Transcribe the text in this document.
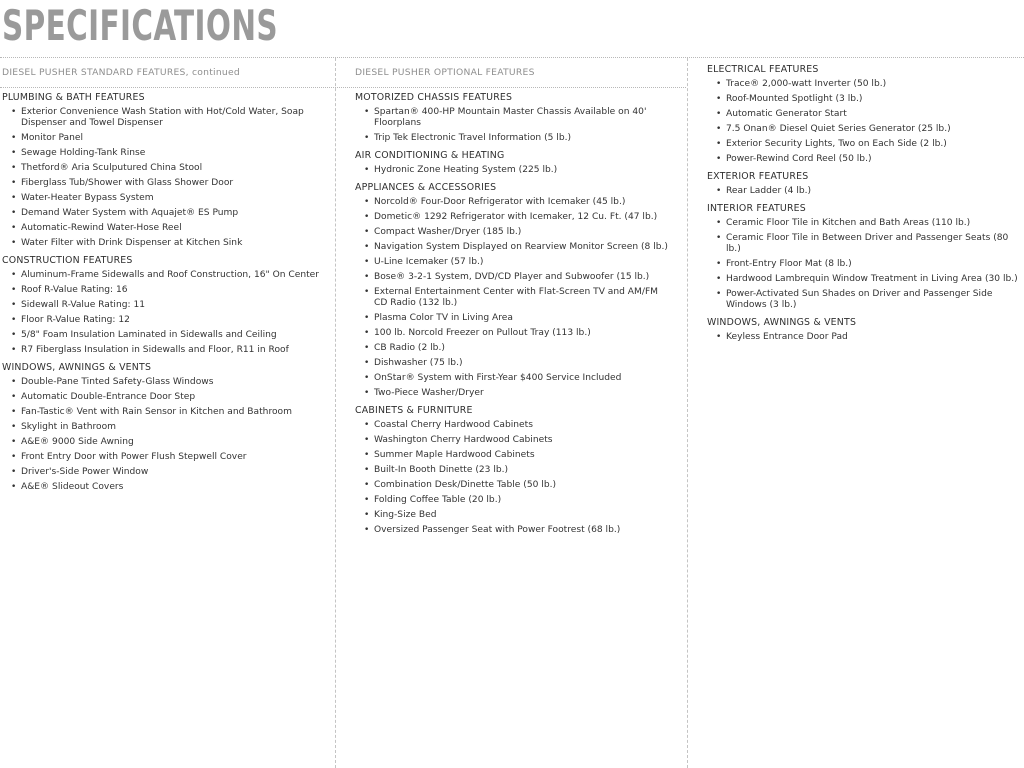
SPECIFICATIONS
DIESEL PUSHER STANDARD FEATURES, continued
PLUMBING & BATH FEATURES
• Exterior Convenience Wash Station with Hot/Cold Water, Soap Dispenser and Towel Dispenser
• Monitor Panel
• Sewage Holding-Tank Rinse
• Thetford® Aria Sculputured China Stool
• Fiberglass Tub/Shower with Glass Shower Door
• Water-Heater Bypass System
• Demand Water System with Aquajet® ES Pump
• Automatic-Rewind Water-Hose Reel
• Water Filter with Drink Dispenser at Kitchen Sink
CONSTRUCTION FEATURES
• Aluminum-Frame Sidewalls and Roof Construction, 16" On Center
• Roof R-Value Rating: 16
• Sidewall R-Value Rating: 11
• Floor R-Value Rating: 12
• 5/8" Foam Insulation Laminated in Sidewalls and Ceiling
• R7 Fiberglass Insulation in Sidewalls and Floor, R11 in Roof
WINDOWS, AWNINGS & VENTS
• Double-Pane Tinted Safety-Glass Windows
• Automatic Double-Entrance Door Step
• Fan-Tastic® Vent with Rain Sensor in Kitchen and Bathroom
• Skylight in Bathroom
• A&E® 9000 Side Awning
• Front Entry Door with Power Flush Stepwell Cover
• Driver's-Side Power Window
• A&E® Slideout Covers
DIESEL PUSHER OPTIONAL FEATURES
MOTORIZED CHASSIS FEATURES
• Spartan® 400-HP Mountain Master Chassis Available on 40' Floorplans
• Trip Tek Electronic Travel Information (5 lb.)
AIR CONDITIONING & HEATING
• Hydronic Zone Heating System (225 lb.)
APPLIANCES & ACCESSORIES
• Norcold® Four-Door Refrigerator with Icemaker (45 lb.)
• Dometic® 1292 Refrigerator with Icemaker, 12 Cu. Ft. (47 lb.)
• Compact Washer/Dryer (185 lb.)
• Navigation System Displayed on Rearview Monitor Screen (8 lb.)
• U-Line Icemaker (57 lb.)
• Bose® 3-2-1 System, DVD/CD Player and Subwoofer (15 lb.)
• External Entertainment Center with Flat-Screen TV and AM/FM CD Radio (132 lb.)
• Plasma Color TV in Living Area
• 100 lb. Norcold Freezer on Pullout Tray (113 lb.)
• CB Radio (2 lb.)
• Dishwasher (75 lb.)
• OnStar® System with First-Year $400 Service Included
• Two-Piece Washer/Dryer
CABINETS & FURNITURE
• Coastal Cherry Hardwood Cabinets
• Washington Cherry Hardwood Cabinets
• Summer Maple Hardwood Cabinets
• Built-In Booth Dinette (23 lb.)
• Combination Desk/Dinette Table (50 lb.)
• Folding Coffee Table (20 lb.)
• King-Size Bed
• Oversized Passenger Seat with Power Footrest (68 lb.)
ELECTRICAL FEATURES
• Trace® 2,000-watt Inverter (50 lb.)
• Roof-Mounted Spotlight (3 lb.)
• Automatic Generator Start
• 7.5 Onan® Diesel Quiet Series Generator (25 lb.)
• Exterior Security Lights, Two on Each Side (2 lb.)
• Power-Rewind Cord Reel (50 lb.)
EXTERIOR FEATURES
• Rear Ladder (4 lb.)
INTERIOR FEATURES
• Ceramic Floor Tile in Kitchen and Bath Areas (110 lb.)
• Ceramic Floor Tile in Between Driver and Passenger Seats (80 lb.)
• Front-Entry Floor Mat (8 lb.)
• Hardwood Lambrequin Window Treatment in Living Area (30 lb.)
• Power-Activated Sun Shades on Driver and Passenger Side Windows (3 lb.)
WINDOWS, AWNINGS & VENTS
• Keyless Entrance Door Pad
